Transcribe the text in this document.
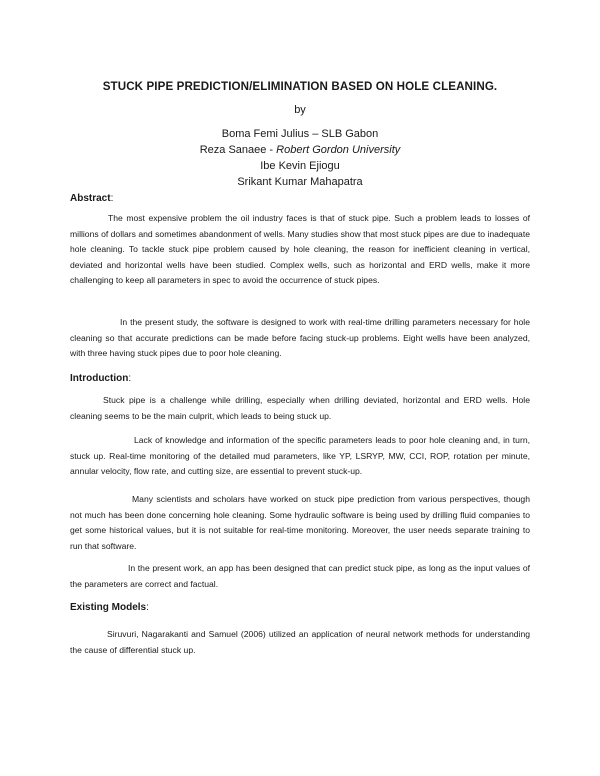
STUCK PIPE PREDICTION/ELIMINATION BASED ON HOLE CLEANING.
by
Boma Femi Julius – SLB Gabon
Reza Sanaee - Robert Gordon University
Ibe Kevin Ejiogu
Srikant Kumar Mahapatra
Abstract:

The most expensive problem the oil industry faces is that of stuck pipe. Such a problem leads to losses of millions of dollars and sometimes abandonment of wells. Many studies show that most stuck pipes are due to inadequate hole cleaning. To tackle stuck pipe problem caused by hole cleaning, the reason for inefficient cleaning in vertical, deviated and horizontal wells have been studied. Complex wells, such as horizontal and ERD wells, make it more challenging to keep all parameters in spec to avoid the occurrence of stuck pipes.

In the present study, the software is designed to work with real-time drilling parameters necessary for hole cleaning so that accurate predictions can be made before facing stuck-up problems. Eight wells have been analyzed, with three having stuck pipes due to poor hole cleaning.

Introduction:

Stuck pipe is a challenge while drilling, especially when drilling deviated, horizontal and ERD wells. Hole cleaning seems to be the main culprit, which leads to being stuck up.

Lack of knowledge and information of the specific parameters leads to poor hole cleaning and, in turn, stuck up. Real-time monitoring of the detailed mud parameters, like YP, LSRYP, MW, CCI, ROP, rotation per minute, annular velocity, flow rate, and cutting size, are essential to prevent stuck-up.

Many scientists and scholars have worked on stuck pipe prediction from various perspectives, though not much has been done concerning hole cleaning. Some hydraulic software is being used by drilling fluid companies to get some historical values, but it is not suitable for real-time monitoring. Moreover, the user needs separate training to run that software.

In the present work, an app has been designed that can predict stuck pipe, as long as the input values of the parameters are correct and factual.

Existing Models:

Siruvuri, Nagarakanti and Samuel (2006) utilized an application of neural network methods for understanding the cause of differential stuck up.
